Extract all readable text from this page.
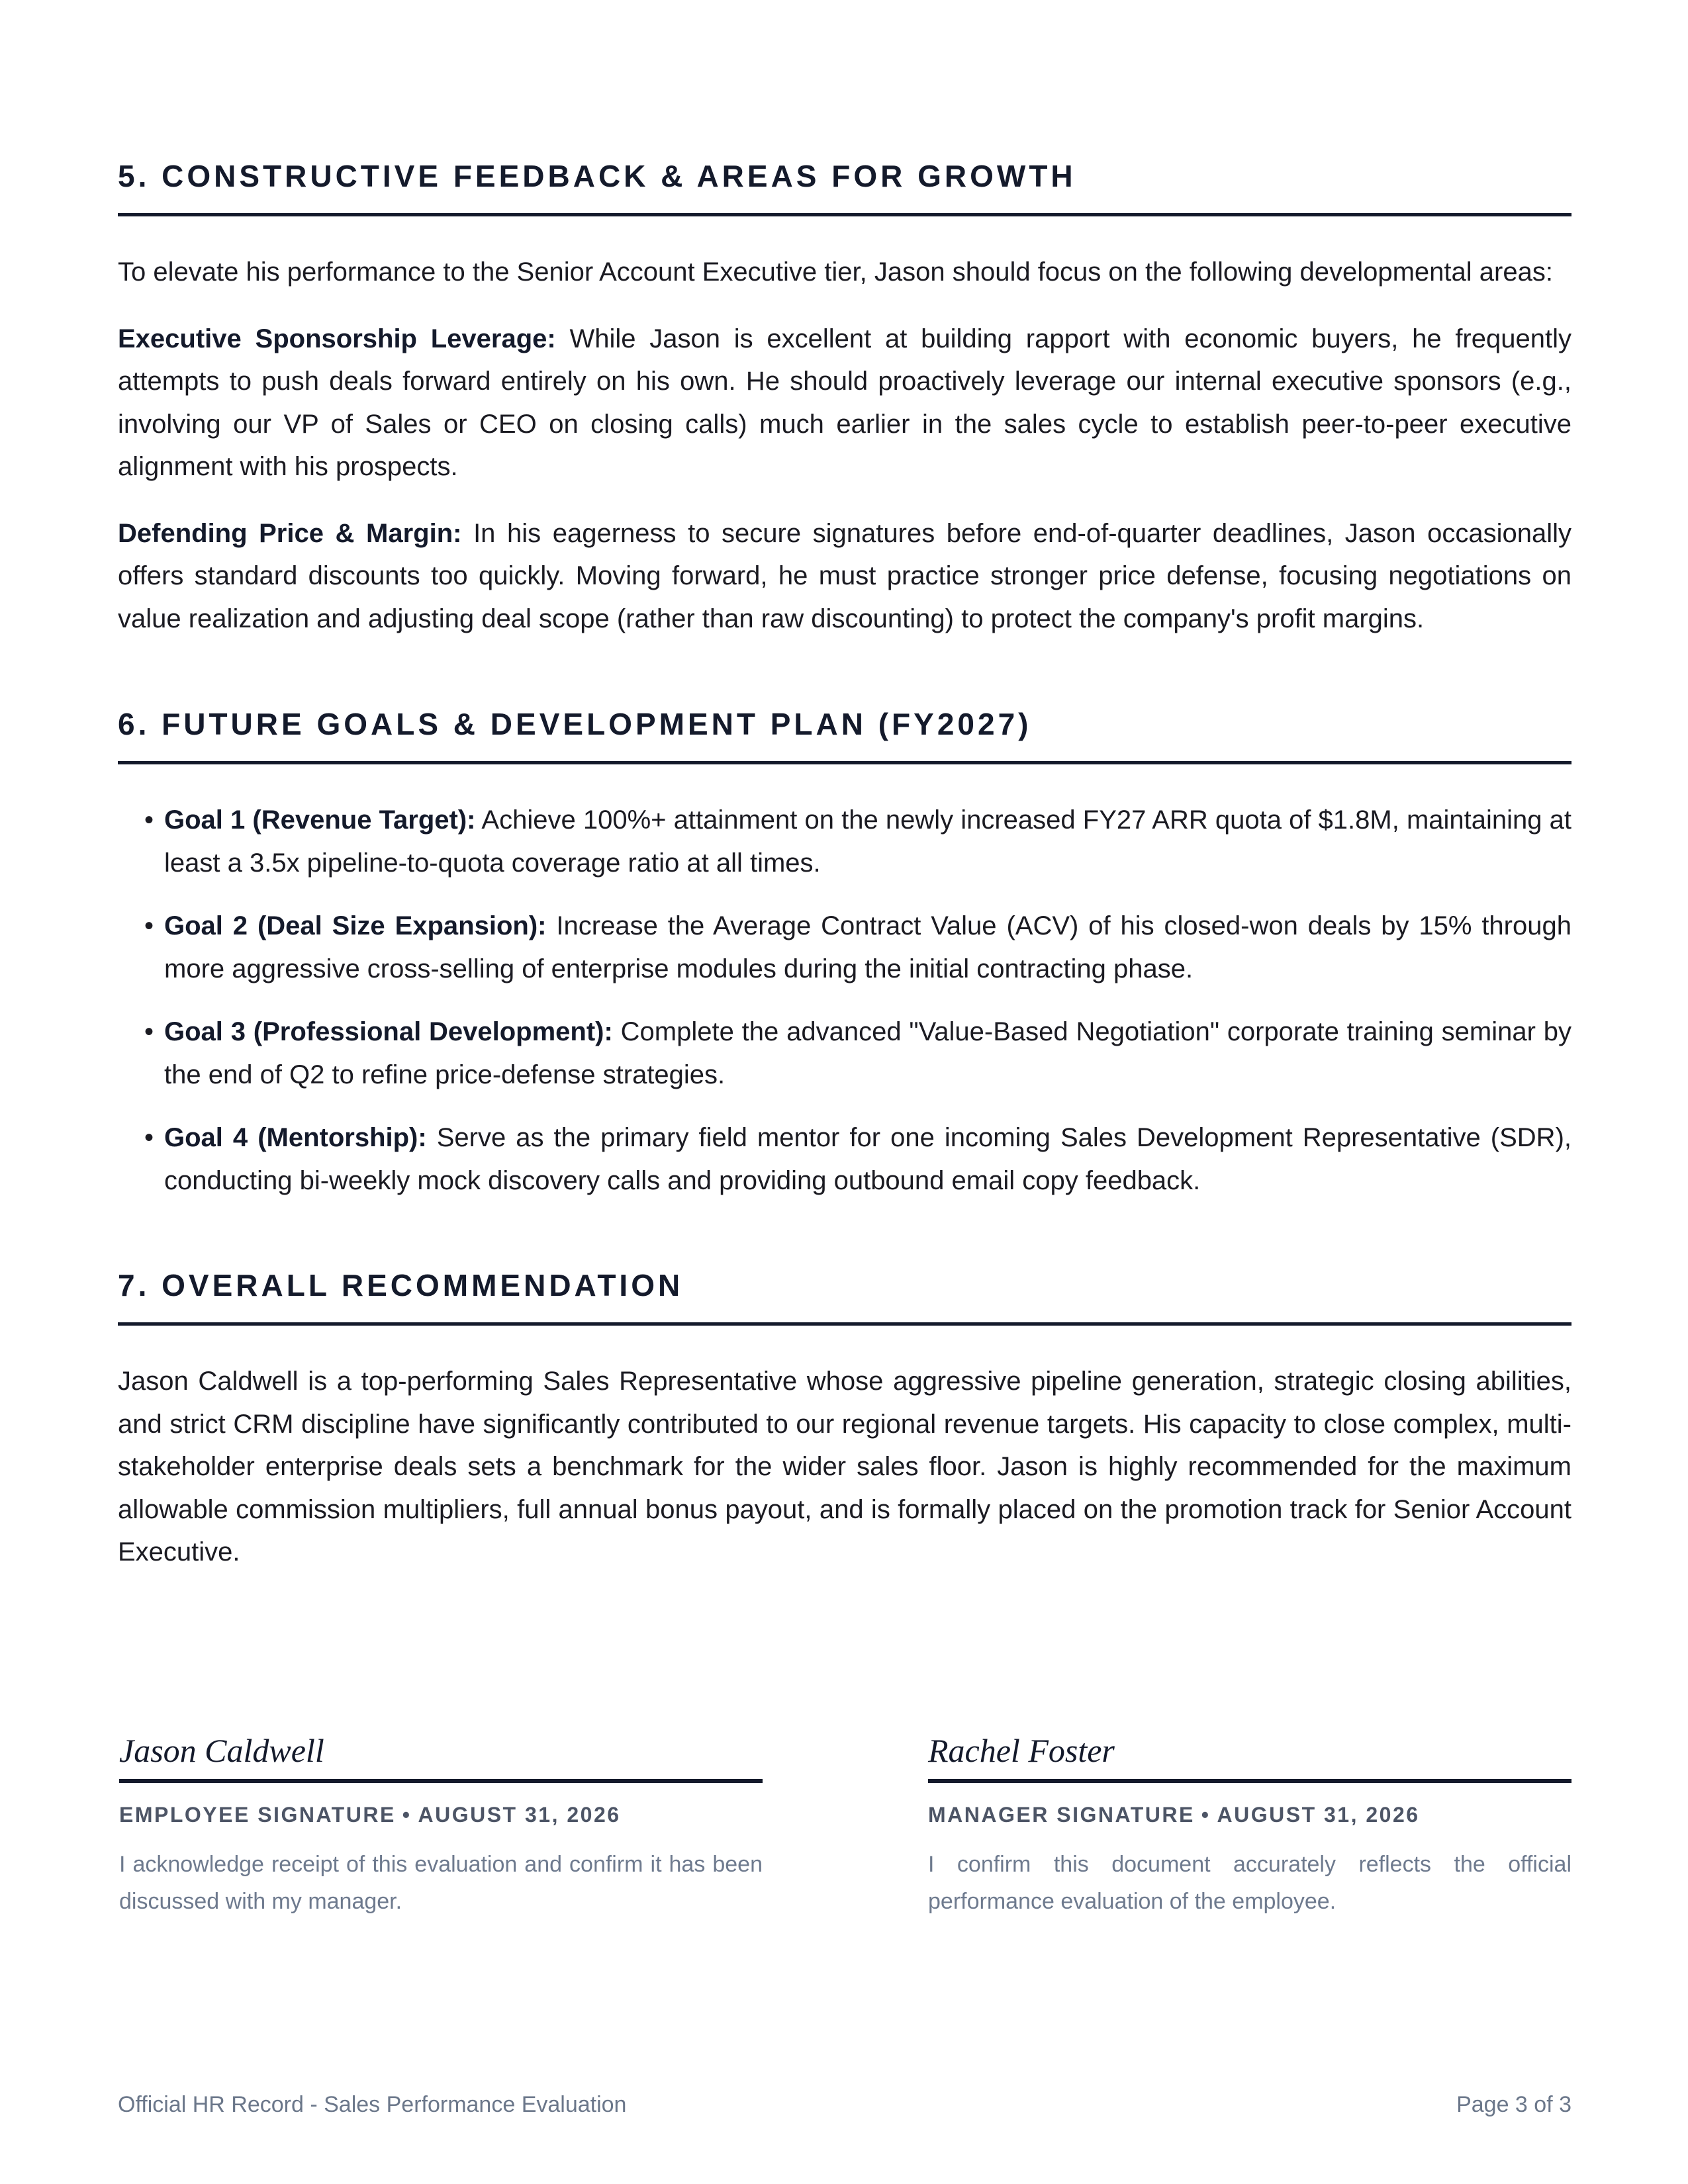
5. CONSTRUCTIVE FEEDBACK & AREAS FOR GROWTH

To elevate his performance to the Senior Account Executive tier, Jason should focus on the following developmental areas:

Executive Sponsorship Leverage: While Jason is excellent at building rapport with economic buyers, he frequently attempts to push deals forward entirely on his own. He should proactively leverage our internal executive sponsors (e.g., involving our VP of Sales or CEO on closing calls) much earlier in the sales cycle to establish peer-to-peer executive alignment with his prospects.

Defending Price & Margin: In his eagerness to secure signatures before end-of-quarter deadlines, Jason occasionally offers standard discounts too quickly. Moving forward, he must practice stronger price defense, focusing negotiations on value realization and adjusting deal scope (rather than raw discounting) to protect the company's profit margins.

6. FUTURE GOALS & DEVELOPMENT PLAN (FY2027)
• Goal 1 (Revenue Target): Achieve 100%+ attainment on the newly increased FY27 ARR quota of $1.8M, maintaining at least a 3.5x pipeline-to-quota coverage ratio at all times.
• Goal 2 (Deal Size Expansion): Increase the Average Contract Value (ACV) of his closed-won deals by 15% through more aggressive cross-selling of enterprise modules during the initial contracting phase.
• Goal 3 (Professional Development): Complete the advanced "Value-Based Negotiation" corporate training seminar by the end of Q2 to refine price-defense strategies.
• Goal 4 (Mentorship): Serve as the primary field mentor for one incoming Sales Development Representative (SDR), conducting bi-weekly mock discovery calls and providing outbound email copy feedback.
7. OVERALL RECOMMENDATION

Jason Caldwell is a top-performing Sales Representative whose aggressive pipeline generation, strategic closing abilities, and strict CRM discipline have significantly contributed to our regional revenue targets. His capacity to close complex, multi-stakeholder enterprise deals sets a benchmark for the wider sales floor. Jason is highly recommended for the maximum allowable commission multipliers, full annual bonus payout, and is formally placed on the promotion track for Senior Account Executive.

Jason Caldwell
EMPLOYEE SIGNATURE • AUGUST 31, 2026
I acknowledge receipt of this evaluation and confirm it has been discussed with my manager.
Rachel Foster
MANAGER SIGNATURE • AUGUST 31, 2026
I confirm this document accurately reflects the official performance evaluation of the employee.
Official HR Record - Sales Performance Evaluation	Page 3 of 3
